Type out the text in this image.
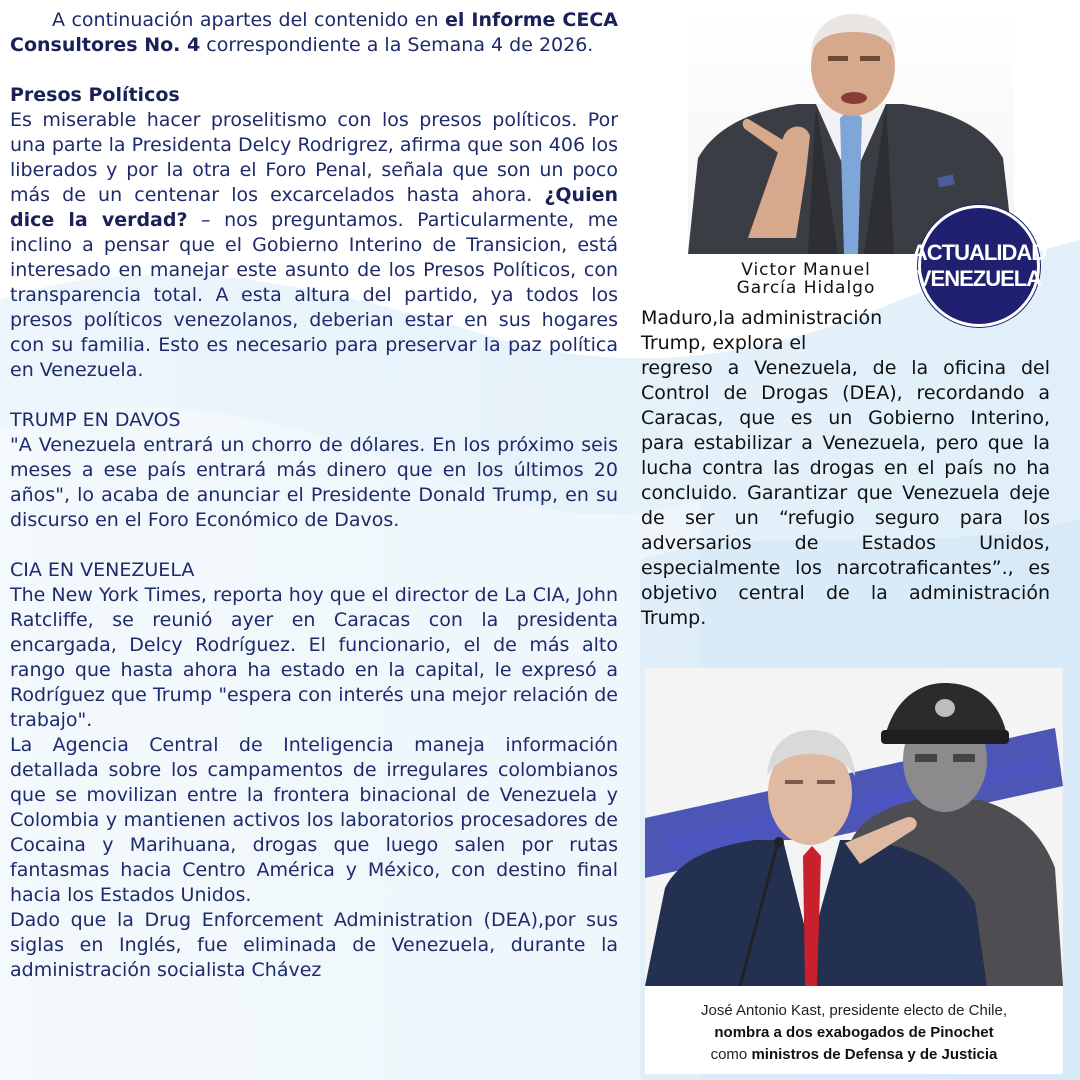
A continuación apartes del contenido en el Informe CECA Consultores No. 4 correspondiente a la Semana 4 de 2026.

Presos Políticos

Es miserable hacer proselitismo con los presos políticos. Por una parte la Presidenta Delcy Rodrigrez, afirma que son 406 los liberados y por la otra el Foro Penal, señala que son un poco más de un centenar los excarcelados hasta ahora. ¿Quien dice la verdad? – nos preguntamos. Particularmente, me inclino a pensar que el Gobierno Interino de Transicion, está interesado en manejar este asunto de los Presos Políticos, con transparencia total. A esta altura del partido, ya todos los presos políticos venezolanos, deberian estar en sus hogares con su familia. Esto es necesario para preservar la paz política en Venezuela.

TRUMP EN DAVOS

"A Venezuela entrará un chorro de dólares. En los próximo seis meses a ese país entrará más dinero que en los últimos 20 años", lo acaba de anunciar el Presidente Donald Trump, en su discurso en el Foro Económico de Davos.

CIA EN VENEZUELA

The New York Times, reporta hoy que el director de La CIA, John Ratcliffe, se reunió ayer en Caracas con la presidenta encargada, Delcy Rodríguez. El funcionario, el de más alto rango que hasta ahora ha estado en la capital, le expresó a Rodríguez que Trump "espera con interés una mejor relación de trabajo".

La Agencia Central de Inteligencia maneja información detallada sobre los campamentos de irregulares colombianos que se movilizan entre la frontera binacional de Venezuela y Colombia y mantienen activos los laboratorios procesadores de Cocaina y Marihuana, drogas que luego salen por rutas fantasmas hacia Centro América y México, con destino final hacia los Estados Unidos.

Dado que la Drug Enforcement Administration (DEA),por sus siglas en Inglés, fue eliminada de Venezuela, durante la administración socialista Chávez

Victor Manuel
García Hidalgo
ACTUALIDAD
VENEZUELA
Maduro,la administración
Trump, explora el
regreso a Venezuela, de la oficina del Control de Drogas (DEA), recordando a Caracas, que es un Gobierno Interino, para estabilizar a Venezuela, pero que la lucha contra las drogas en el país no ha concluido. Garantizar que Venezuela deje de ser un “refugio seguro para los adversarios de Estados Unidos, especialmente los narcotraficantes”., es objetivo central de la administración Trump.
José Antonio Kast, presidente electo de Chile,
nombra a dos exabogados de Pinochet
como ministros de Defensa y de Justicia
